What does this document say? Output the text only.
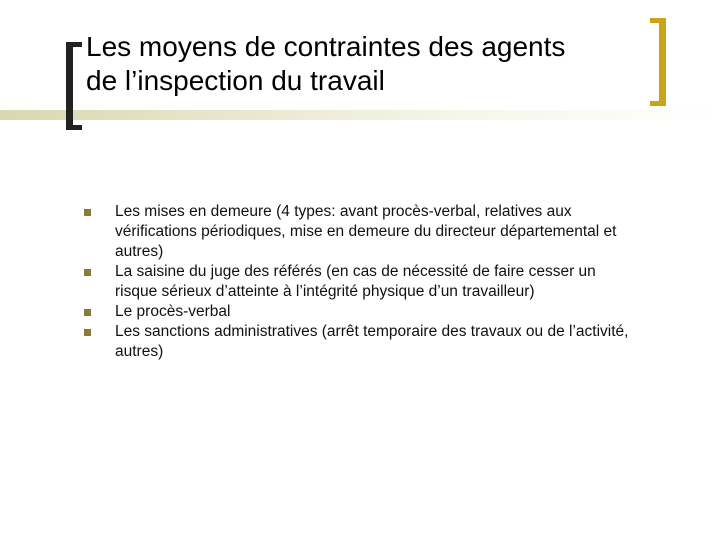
Les moyens de contraintes des agents
de l’inspection du travail
Les mises en demeure (4 types: avant procès-verbal, relatives aux vérifications périodiques, mise en demeure du directeur départemental et autres)
La saisine du juge des référés (en cas de nécessité de faire cesser un risque sérieux d’atteinte à l’intégrité physique d’un travailleur)
Le procès-verbal
Les sanctions administratives (arrêt temporaire des travaux ou de l’activité, autres)
